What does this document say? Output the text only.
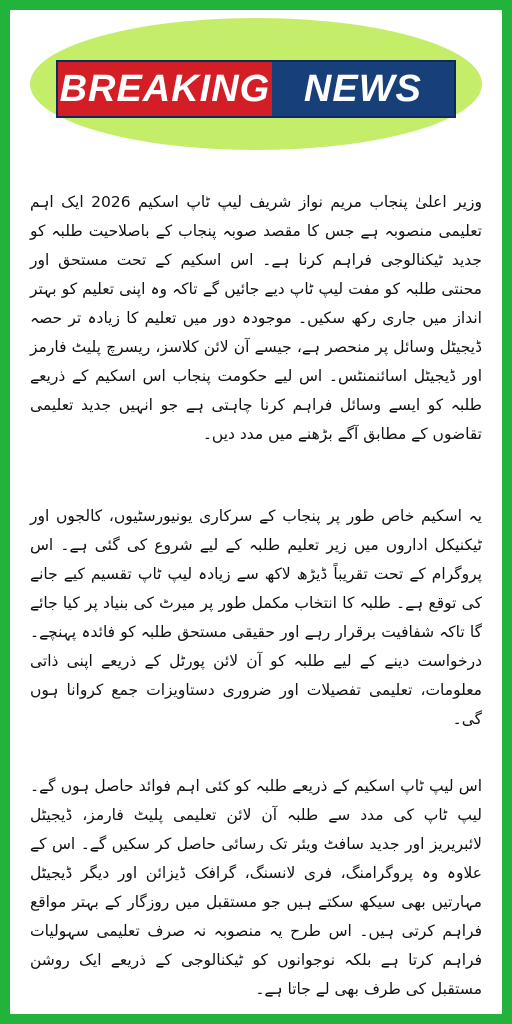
BREAKING NEWS

وزیر اعلیٰ پنجاب مریم نواز شریف لیپ ٹاپ اسکیم 2026 ایک اہم تعلیمی منصوبہ ہے جس کا مقصد صوبہ پنجاب کے باصلاحیت طلبہ کو جدید ٹیکنالوجی فراہم کرنا ہے۔ اس اسکیم کے تحت مستحق اور محنتی طلبہ کو مفت لیپ ٹاپ دیے جائیں گے تاکہ وہ اپنی تعلیم کو بہتر انداز میں جاری رکھ سکیں۔ موجودہ دور میں تعلیم کا زیادہ تر حصہ ڈیجیٹل وسائل پر منحصر ہے، جیسے آن لائن کلاسز، ریسرچ پلیٹ فارمز اور ڈیجیٹل اسائنمنٹس۔ اس لیے حکومت پنجاب اس اسکیم کے ذریعے طلبہ کو ایسے وسائل فراہم کرنا چاہتی ہے جو انہیں جدید تعلیمی تقاضوں کے مطابق آگے بڑھنے میں مدد دیں۔

یہ اسکیم خاص طور پر پنجاب کے سرکاری یونیورسٹیوں، کالجوں اور ٹیکنیکل اداروں میں زیر تعلیم طلبہ کے لیے شروع کی گئی ہے۔ اس پروگرام کے تحت تقریباً ڈیڑھ لاکھ سے زیادہ لیپ ٹاپ تقسیم کیے جانے کی توقع ہے۔ طلبہ کا انتخاب مکمل طور پر میرٹ کی بنیاد پر کیا جائے گا تاکہ شفافیت برقرار رہے اور حقیقی مستحق طلبہ کو فائدہ پہنچے۔ درخواست دینے کے لیے طلبہ کو آن لائن پورٹل کے ذریعے اپنی ذاتی معلومات، تعلیمی تفصیلات اور ضروری دستاویزات جمع کروانا ہوں گی۔

اس لیپ ٹاپ اسکیم کے ذریعے طلبہ کو کئی اہم فوائد حاصل ہوں گے۔ لیپ ٹاپ کی مدد سے طلبہ آن لائن تعلیمی پلیٹ فارمز، ڈیجیٹل لائبریریز اور جدید سافٹ ویئر تک رسائی حاصل کر سکیں گے۔ اس کے علاوہ وہ پروگرامنگ، فری لانسنگ، گرافک ڈیزائن اور دیگر ڈیجیٹل مہارتیں بھی سیکھ سکتے ہیں جو مستقبل میں روزگار کے بہتر مواقع فراہم کرتی ہیں۔ اس طرح یہ منصوبہ نہ صرف تعلیمی سہولیات فراہم کرتا ہے بلکہ نوجوانوں کو ٹیکنالوجی کے ذریعے ایک روشن مستقبل کی طرف بھی لے جاتا ہے۔
